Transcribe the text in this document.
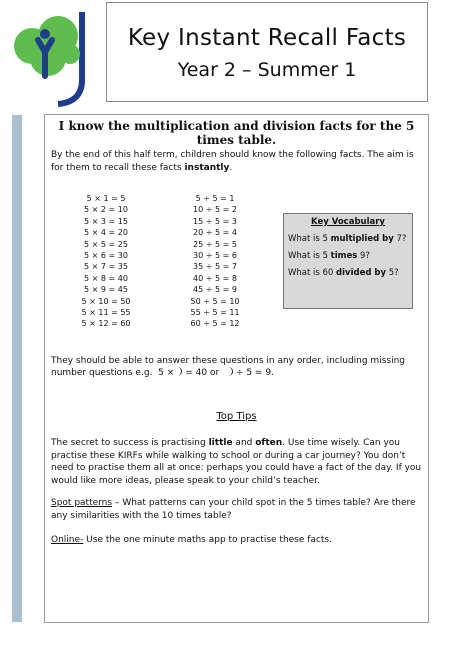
Key Instant Recall Facts
Year 2 – Summer 1
I know the multiplication and division facts for the 5 times table.
By the end of this half term, children should know the following facts. The aim is for them to recall these facts instantly.
5 × 1 = 5
5 × 2 = 10
5 × 3 = 15
5 × 4 = 20
5 × 5 = 25
5 × 6 = 30
5 × 7 = 35
5 × 8 = 40
5 × 9 = 45
5 × 10 = 50
5 × 11 = 55
5 × 12 = 60
5 ÷ 5 = 1
10 ÷ 5 = 2
15 ÷ 5 = 3
20 ÷ 5 = 4
25 ÷ 5 = 5
30 ÷ 5 = 6
35 ÷ 5 = 7
40 ÷ 5 = 8
45 ÷ 5 = 9
50 ÷ 5 = 10
55 ÷ 5 = 11
60 ÷ 5 = 12
Key Vocabulary
What is 5 multiplied by 7?
What is 5 times 9?
What is 60 divided by 5?
They should be able to answer these questions in any order, including missing number questions e.g. 5 × = 40 or ÷ 5 = 9.
Top Tips
The secret to success is practising little and often. Use time wisely. Can you practise these KIRFs while walking to school or during a car journey? You don’t need to practise them all at once: perhaps you could have a fact of the day. If you would like more ideas, please speak to your child’s teacher.
Spot patterns – What patterns can your child spot in the 5 times table? Are there any similarities with the 10 times table?
Online- Use the one minute maths app to practise these facts.
